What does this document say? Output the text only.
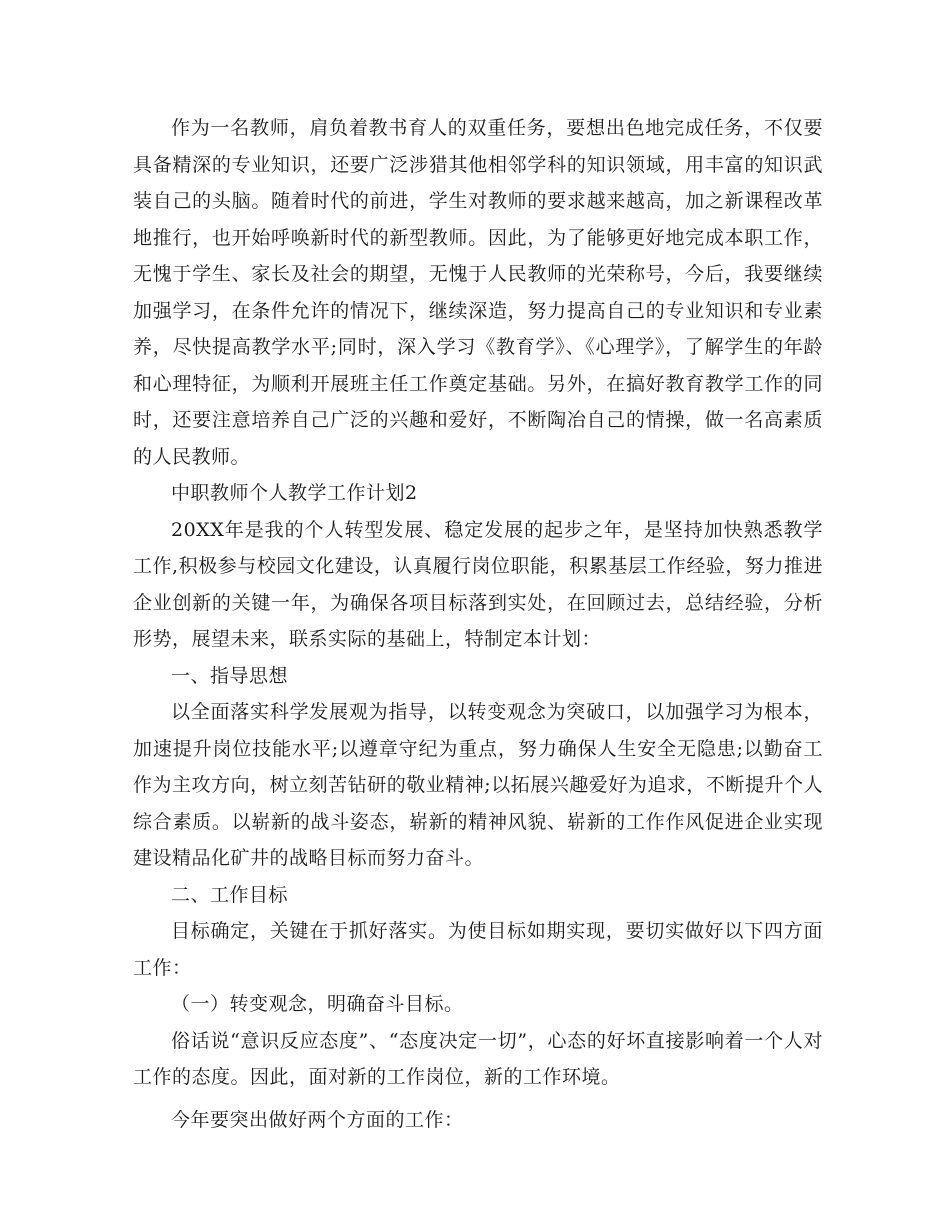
作为一名教师，肩负着教书育人的双重任务，要想出色地完成任务，不仅要具备精深的专业知识，还要广泛涉猎其他相邻学科的知识领域，用丰富的知识武装自己的头脑。随着时代的前进，学生对教师的要求越来越高，加之新课程改革地推行，也开始呼唤新时代的新型教师。因此，为了能够更好地完成本职工作，无愧于学生、家长及社会的期望，无愧于人民教师的光荣称号，今后，我要继续加强学习，在条件允许的情况下，继续深造，努力提高自己的专业知识和专业素养，尽快提高教学水平;同时，深入学习《教育学》、《心理学》，了解学生的年龄和心理特征，为顺利开展班主任工作奠定基础。另外，在搞好教育教学工作的同时，还要注意培养自己广泛的兴趣和爱好，不断陶冶自己的情操，做一名高素质的人民教师。

中职教师个人教学工作计划2

20XX年是我的个人转型发展、稳定发展的起步之年，是坚持加快熟悉教学工作,积极参与校园文化建设，认真履行岗位职能，积累基层工作经验，努力推进企业创新的关键一年，为确保各项目标落到实处，在回顾过去，总结经验，分析形势，展望未来，联系实际的基础上，特制定本计划：

一、指导思想

以全面落实科学发展观为指导，以转变观念为突破口，以加强学习为根本，加速提升岗位技能水平;以遵章守纪为重点，努力确保人生安全无隐患;以勤奋工作为主攻方向，树立刻苦钻研的敬业精神;以拓展兴趣爱好为追求，不断提升个人综合素质。以崭新的战斗姿态，崭新的精神风貌、崭新的工作作风促进企业实现建设精品化矿井的战略目标而努力奋斗。

二、工作目标

目标确定，关键在于抓好落实。为使目标如期实现，要切实做好以下四方面工作：

（一）转变观念，明确奋斗目标。

俗话说“意识反应态度”、“态度决定一切”，心态的好坏直接影响着一个人对工作的态度。因此，面对新的工作岗位，新的工作环境。

今年要突出做好两个方面的工作：
